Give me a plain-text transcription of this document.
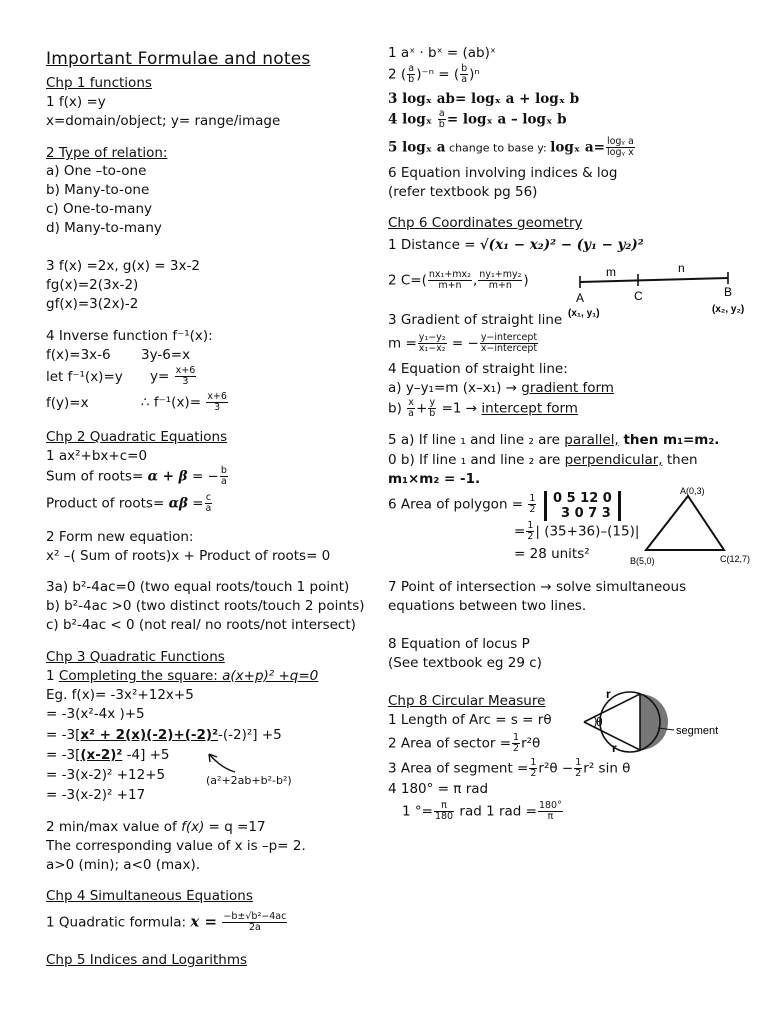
Important Formulae and notes
Chp 1 functions
1 f(x) =y
x=domain/object; y= range/image
2 Type of relation:
a) One –to-one
b) Many-to-one
c) One-to-many
d) Many-to-many
3 f(x) =2x, g(x) = 3x-2
fg(x)=2(3x-2)
gf(x)=3(2x)-2
4 Inverse function f⁻¹(x):
f(x)=3x-6 3y-6=x
let f⁻¹(x)=y $y= \frac{x+6}{3}$
f(y)=x	∴ $f^{-1}(x)= \frac{x+6}{3}$
Chp 2 Quadratic Equations
1 ax²+bx+c=0
Sum of roots= α + β = − $\frac{b}{a}$
Product of roots= $\alpha\beta = \frac{c}{a}$
2 Form new equation:
x² –( Sum of roots)x + Product of roots= 0
3a) b²-4ac=0 (two equal roots/touch 1 point)
b) b²-4ac >0 (two distinct roots/touch 2 points)
c) b²-4ac < 0 (not real/ no roots/not intersect)
Chp 3 Quadratic Functions
1 Completing the square: a(x+p)² +q=0
Eg. f(x)= -3x²+12x+5
= -3(x²-4x )+5
= -3[x² + 2(x)(-2)+(-2)²-(-2)²] +5
= -3[(x-2)² -4] +5
= -3(x-2)² +12+5
= -3(x-2)² +17
(a²+2ab+b²-b²)
2 min/max value of f(x) = q =17
The corresponding value of x is –p= 2.
a>0 (min); a<0 (max).
Chp 4 Simultaneous Equations
1 Quadratic formula: $x = \frac{\text{−b±√b²−4ac}}{2a}$
Chp 5 Indices and Logarithms
1 aˣ · bˣ = (ab)ˣ
2 ( $\frac{a}{b} )^{-n}$ = ( $\frac{b}{a} )^n$
3 logₓ ab= logₓ a + logₓ b
4 logₓ $\frac{a}{b} = \log_x$ a – logₓ b
5 logₓ a change to base y: logₓ $a= \frac{\text{logᵧ a}}{\text{logᵧ x}}$
6 Equation involving indices & log
(refer textbook pg 56)
Chp 6 Coordinates geometry
1 Distance = √(x₁ − x₂)² − (y₁ − y₂)²
2 $C=( \frac{\text{nx₁+mx₂}}{m+n}$ , $\frac{\text{ny₁+my₂}}{m+n}$ )
m	n
A	C	B
(x₁, y₁)	(x₂, y₂)
3 Gradient of straight line
$m = \frac{\text{y₁−y₂}}{\text{x₁−x₂}}$ = − $\frac{\text{y−intercept}}{\text{x−intercept}}$
4 Equation of straight line:
a) y–y₁=m (x–x₁) → gradient form
$b) \frac{x}{a} + \frac{y}{b} =1$ → intercept form
5 a) If line ₁ and line ₂ are parallel, then m₁=m₂.
0 b) If line ₁ and line ₂ are perpendicular, then
m₁×m₂ = -1.
6 Area of polygon = $\frac{1}{2} 0$ 5 12 0
3 0 7 3
= $\frac{1}{2}$ | (35+36)–(15)|
= 28 units²
A(0,3)
B(5,0)	C(12,7)
7 Point of intersection → solve simultaneous
equations between two lines.
8 Equation of locus P
(See textbook eg 29 c)
Chp 8 Circular Measure
1 Length of Arc = s = rθ
2 Area of sector = $\frac{1}{2} r^2\theta$
3 Area of segment = $\frac{1}{2} r^2\theta - \frac{1}{2} r^2$ sin θ
4 180° = π rad
1 °= $\frac{\pi}{180}$ rad 1 rad = $\frac{180^\circ}{\pi}$
θ
r
r
segment
